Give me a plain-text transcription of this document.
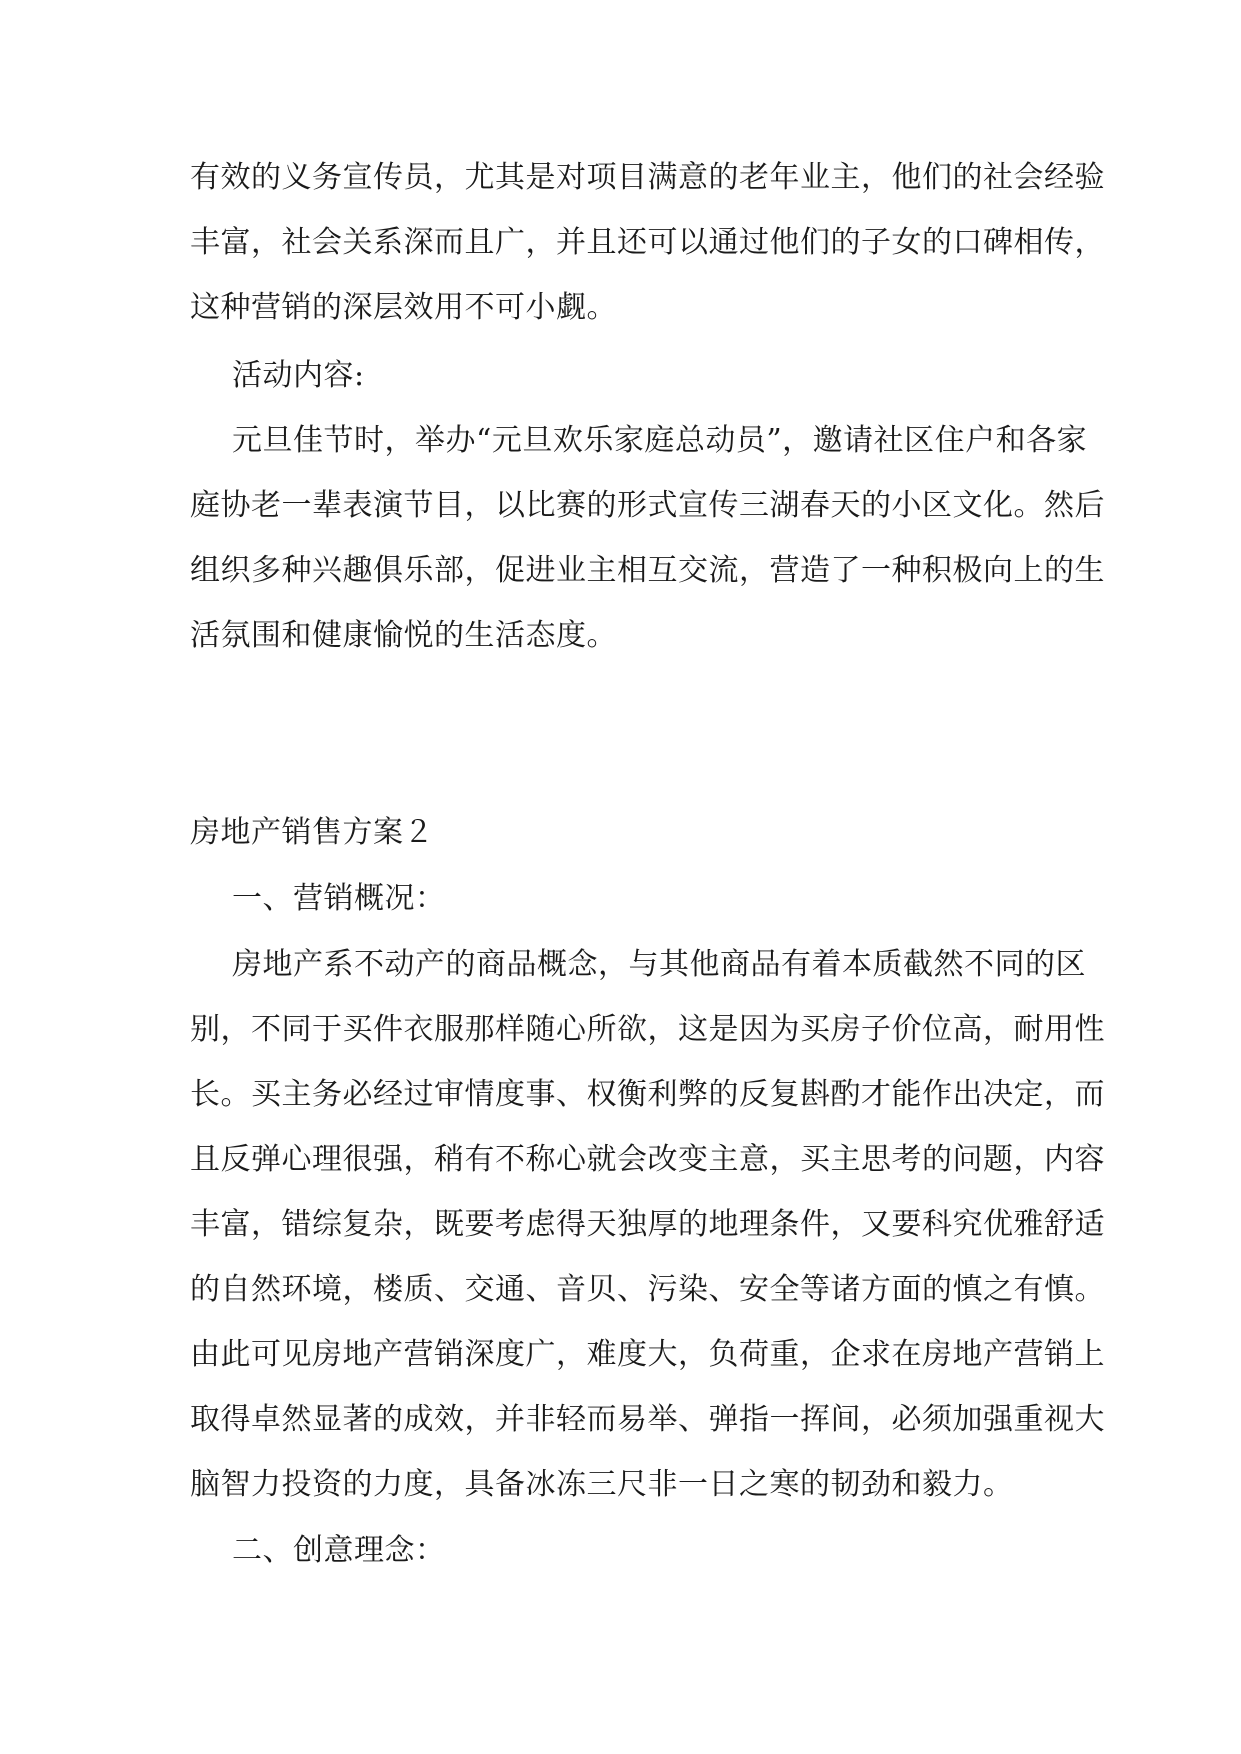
有效的义务宣传员，尤其是对项目满意的老年业主，他们的社会经验
丰富，社会关系深而且广，并且还可以通过他们的子女的口碑相传，
这种营销的深层效用不可小觑。
活动内容:
元旦佳节时，举办“元旦欢乐家庭总动员”，邀请社区住户和各家
庭协老一辈表演节目，以比赛的形式宣传三湖春天的小区文化。然后
组织多种兴趣俱乐部，促进业主相互交流，营造了一种积极向上的生
活氛围和健康愉悦的生活态度。
房地产销售方案２
一、营销概况：
房地产系不动产的商品概念，与其他商品有着本质截然不同的区
别，不同于买件衣服那样随心所欲，这是因为买房子价位高，耐用性
长。买主务必经过审情度事、权衡利弊的反复斟酌才能作出决定，而
且反弹心理很强，稍有不称心就会改变主意，买主思考的问题，内容
丰富，错综复杂，既要考虑得天独厚的地理条件，又要科究优雅舒适
的自然环境，楼质、交通、音贝、污染、安全等诸方面的慎之有慎。
由此可见房地产营销深度广，难度大，负荷重，企求在房地产营销上
取得卓然显著的成效，并非轻而易举、弹指一挥间，必须加强重视大
脑智力投资的力度，具备冰冻三尺非一日之寒的韧劲和毅力。
二、创意理念：
